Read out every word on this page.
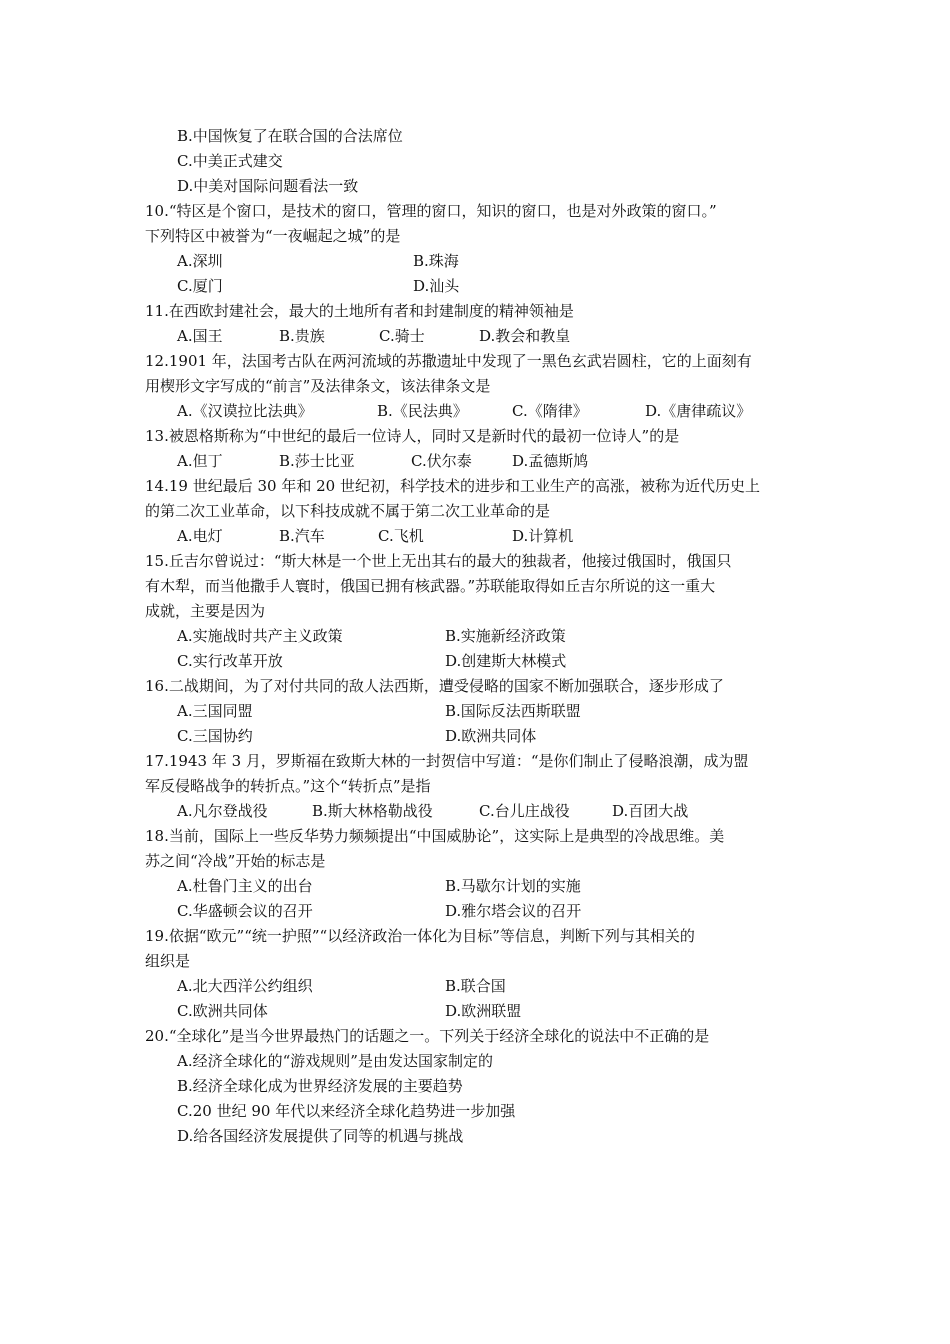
B.中国恢复了在联合国的合法席位
C.中美正式建交
D.中美对国际问题看法一致
10.“特区是个窗口，是技术的窗口，管理的窗口，知识的窗口，也是对外政策的窗口。”
下列特区中被誉为“一夜崛起之城”的是
A.深圳	B.珠海
C.厦门	D.汕头
11.在西欧封建社会，最大的土地所有者和封建制度的精神领袖是
A.国王	B.贵族	C.骑士	D.教会和教皇
12.1901 年，法国考古队在两河流域的苏撒遗址中发现了一黑色玄武岩圆柱，它的上面刻有
用楔形文字写成的“前言”及法律条文，该法律条文是
A.《汉谟拉比法典》	B.《民法典》	C.《隋律》	D.《唐律疏议》
13.被恩格斯称为“中世纪的最后一位诗人，同时又是新时代的最初一位诗人”的是
A.但丁	B.莎士比亚	C.伏尔泰	D.孟德斯鸠
14.19 世纪最后 30 年和 20 世纪初，科学技术的进步和工业生产的高涨，被称为近代历史上
的第二次工业革命，以下科技成就不属于第二次工业革命的是
A.电灯	B.汽车	C.飞机	D.计算机
15.丘吉尔曾说过：“斯大林是一个世上无出其右的最大的独裁者，他接过俄国时，俄国只
有木犁，而当他撒手人寰时，俄国已拥有核武器。”苏联能取得如丘吉尔所说的这一重大
成就，主要是因为
A.实施战时共产主义政策	B.实施新经济政策
C.实行改革开放	D.创建斯大林模式
16.二战期间，为了对付共同的敌人法西斯，遭受侵略的国家不断加强联合，逐步形成了
A.三国同盟	B.国际反法西斯联盟
C.三国协约	D.欧洲共同体
17.1943 年 3 月，罗斯福在致斯大林的一封贺信中写道：“是你们制止了侵略浪潮，成为盟
军反侵略战争的转折点。”这个“转折点”是指
A.凡尔登战役	B.斯大林格勒战役	C.台儿庄战役	D.百团大战
18.当前，国际上一些反华势力频频提出“中国威胁论”，这实际上是典型的冷战思维。美
苏之间“冷战”开始的标志是
A.杜鲁门主义的出台	B.马歇尔计划的实施
C.华盛顿会议的召开	D.雅尔塔会议的召开
19.依据“欧元”“统一护照”“以经济政治一体化为目标”等信息，判断下列与其相关的
组织是
A.北大西洋公约组织	B.联合国
C.欧洲共同体	D.欧洲联盟
20.“全球化”是当今世界最热门的话题之一。下列关于经济全球化的说法中不正确的是
A.经济全球化的“游戏规则”是由发达国家制定的
B.经济全球化成为世界经济发展的主要趋势
C.20 世纪 90 年代以来经济全球化趋势进一步加强
D.给各国经济发展提供了同等的机遇与挑战
